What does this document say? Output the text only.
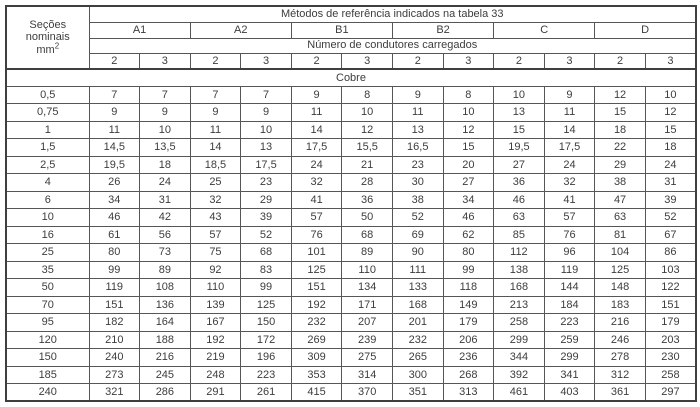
Seções
nominais
$mm^2$	Métodos de referência indicados na tabela 33											
	A1		A2		B1		B2		C		D	
	Número de condutores carregados											
	2	3	2	3	2	3	2	3	2	3	2	3
Cobre												
0,5	7	7	7	7	9	8	9	8	10	9	12	10
0,75	9	9	9	9	11	10	11	10	13	11	15	12
1	11	10	11	10	14	12	13	12	15	14	18	15
1,5	14,5	13,5	14	13	17,5	15,5	16,5	15	19,5	17,5	22	18
2,5	19,5	18	18,5	17,5	24	21	23	20	27	24	29	24
4	26	24	25	23	32	28	30	27	36	32	38	31
6	34	31	32	29	41	36	38	34	46	41	47	39
10	46	42	43	39	57	50	52	46	63	57	63	52
16	61	56	57	52	76	68	69	62	85	76	81	67
25	80	73	75	68	101	89	90	80	112	96	104	86
35	99	89	92	83	125	110	111	99	138	119	125	103
50	119	108	110	99	151	134	133	118	168	144	148	122
70	151	136	139	125	192	171	168	149	213	184	183	151
95	182	164	167	150	232	207	201	179	258	223	216	179
120	210	188	192	172	269	239	232	206	299	259	246	203
150	240	216	219	196	309	275	265	236	344	299	278	230
185	273	245	248	223	353	314	300	268	392	341	312	258
240	321	286	291	261	415	370	351	313	461	403	361	297
